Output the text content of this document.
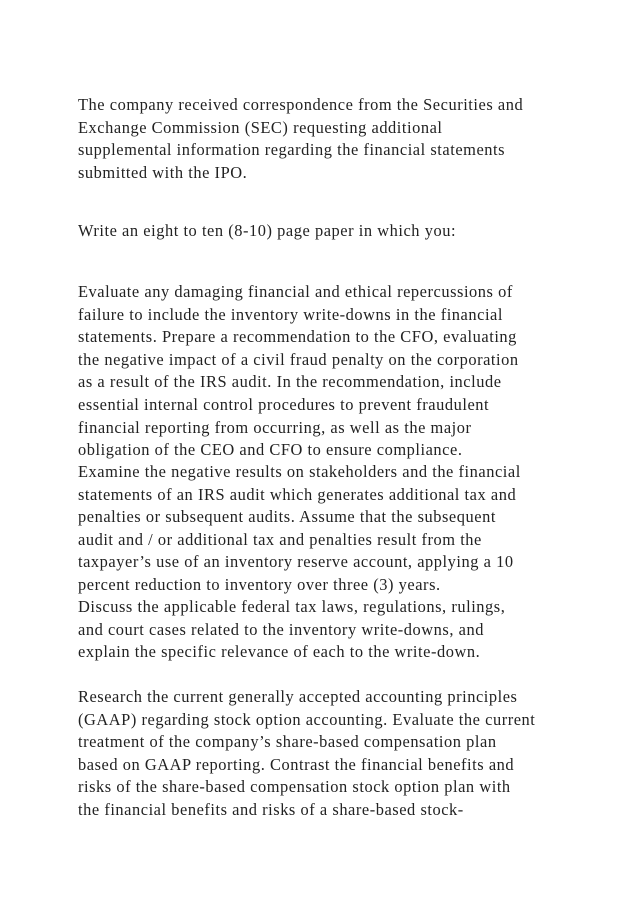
The company received correspondence from the Securities and
Exchange Commission (SEC) requesting additional
supplemental information regarding the financial statements
submitted with the IPO.
Write an eight to ten (8-10) page paper in which you:
Evaluate any damaging financial and ethical repercussions of
failure to include the inventory write-downs in the financial
statements. Prepare a recommendation to the CFO, evaluating
the negative impact of a civil fraud penalty on the corporation
as a result of the IRS audit. In the recommendation, include
essential internal control procedures to prevent fraudulent
financial reporting from occurring, as well as the major
obligation of the CEO and CFO to ensure compliance.
Examine the negative results on stakeholders and the financial
statements of an IRS audit which generates additional tax and
penalties or subsequent audits. Assume that the subsequent
audit and / or additional tax and penalties result from the
taxpayer’s use of an inventory reserve account, applying a 10
percent reduction to inventory over three (3) years.
Discuss the applicable federal tax laws, regulations, rulings,
and court cases related to the inventory write-downs, and
explain the specific relevance of each to the write-down.
Research the current generally accepted accounting principles
(GAAP) regarding stock option accounting. Evaluate the current
treatment of the company’s share-based compensation plan
based on GAAP reporting. Contrast the financial benefits and
risks of the share-based compensation stock option plan with
the financial benefits and risks of a share-based stock-
